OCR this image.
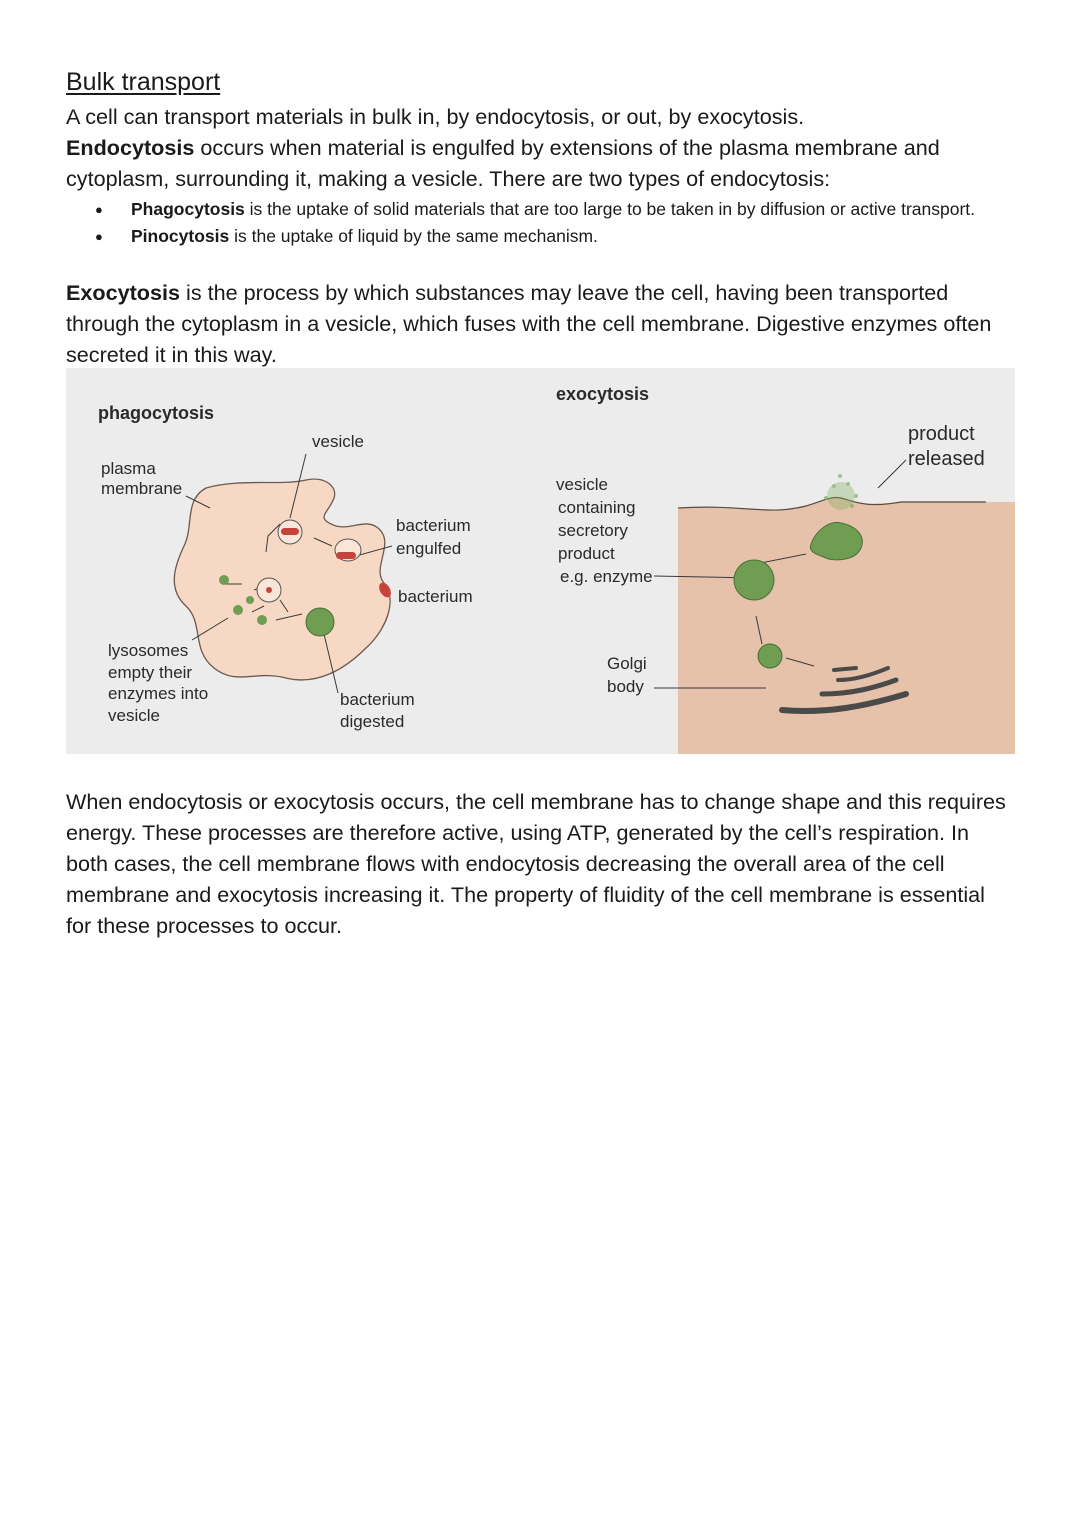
Bulk transport

A cell can transport materials in bulk in, by endocytosis, or out, by exocytosis.
Endocytosis occurs when material is engulfed by extensions of the plasma membrane and cytoplasm, surrounding it, making a vesicle. There are two types of endocytosis:

● Phagocytosis is the uptake of solid materials that are too large to be taken in by diffusion or active transport.
● Pinocytosis is the uptake of liquid by the same mechanism.

Exocytosis is the process by which substances may leave the cell, having been transported through the cytoplasm in a vesicle, which fuses with the cell membrane. Digestive enzymes often secreted it in this way.

phagocytosis
vesicle
plasma
membrane
bacterium
engulfed
bacterium
lysosomes
empty their
enzymes into
vesicle
bacterium
digested
exocytosis
vesicle
containing
secretory
product
e.g. enzyme
Golgi
body
product
released

When endocytosis or exocytosis occurs, the cell membrane has to change shape and this requires energy. These processes are therefore active, using ATP, generated by the cell’s respiration. In both cases, the cell membrane flows with endocytosis decreasing the overall area of the cell membrane and exocytosis increasing it. The property of fluidity of the cell membrane is essential for these processes to occur.
